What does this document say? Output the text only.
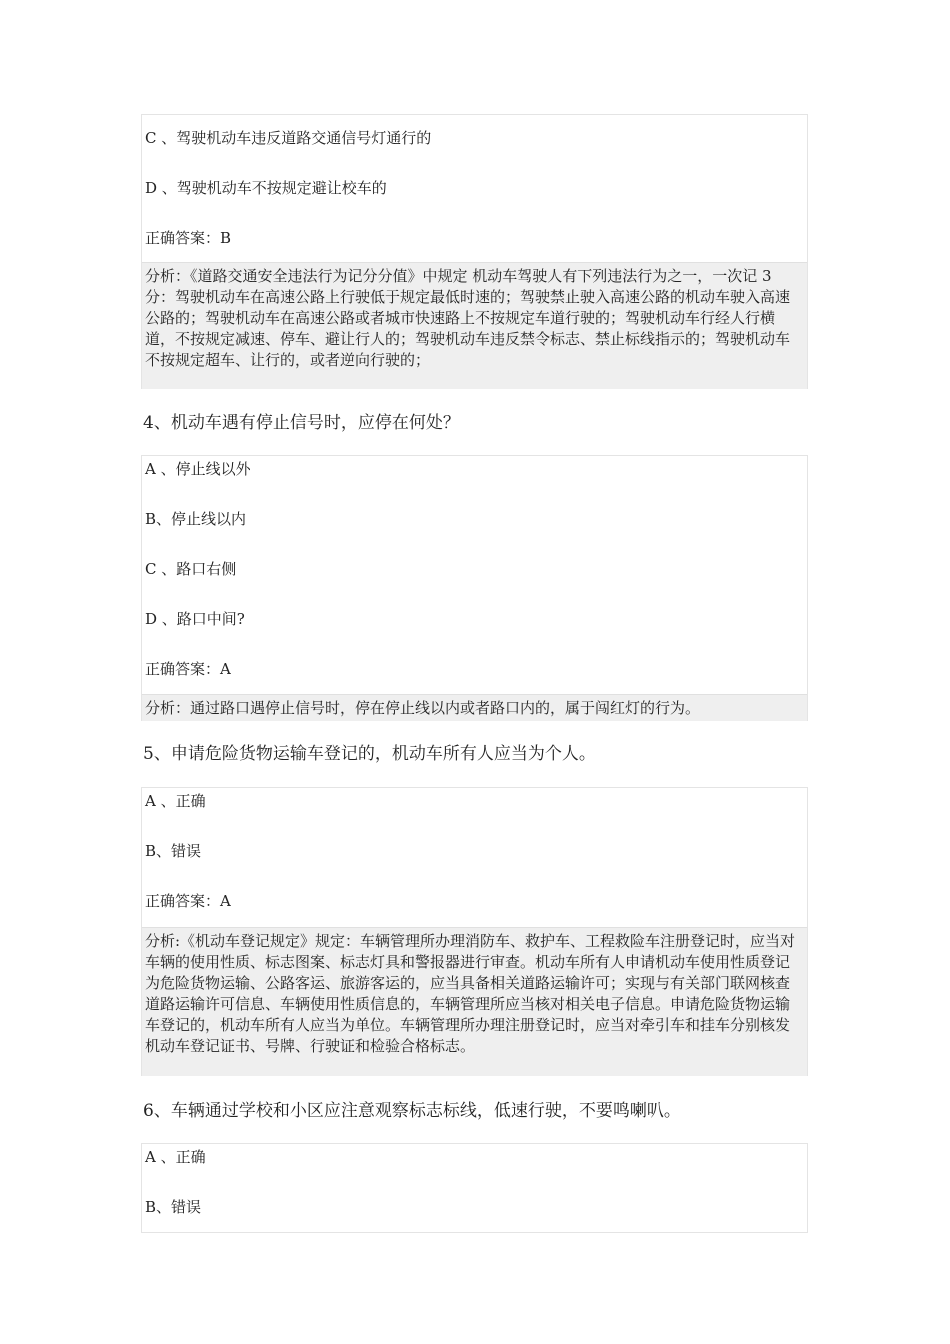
C 、驾驶机动车违反道路交通信号灯通行的
D 、驾驶机动车不按规定避让校车的
正确答案：B
分析：《道路交通安全违法行为记分分值》中规定 机动车驾驶人有下列违法行为之一，一次记 3 分：驾驶机动车在高速公路上行驶低于规定最低时速的；驾驶禁止驶入高速公路的机动车驶入高速公路的；驾驶机动车在高速公路或者城市快速路上不按规定车道行驶的；驾驶机动车行经人行横道，不按规定减速、停车、避让行人的；驾驶机动车违反禁令标志、禁止标线指示的；驾驶机动车不按规定超车、让行的，或者逆向行驶的；
4、机动车遇有停止信号时，应停在何处？
A 、停止线以外
B、停止线以内
C 、路口右侧
D 、路口中间?
正确答案：A
分析：通过路口遇停止信号时，停在停止线以内或者路口内的，属于闯红灯的行为。
5、申请危险货物运输车登记的，机动车所有人应当为个人。
A 、正确
B、错误
正确答案：A
分析:《机动车登记规定》规定：车辆管理所办理消防车、救护车、工程救险车注册登记时，应当对车辆的使用性质、标志图案、标志灯具和警报器进行审查。机动车所有人申请机动车使用性质登记为危险货物运输、公路客运、旅游客运的，应当具备相关道路运输许可；实现与有关部门联网核查道路运输许可信息、车辆使用性质信息的，车辆管理所应当核对相关电子信息。申请危险货物运输车登记的，机动车所有人应当为单位。车辆管理所办理注册登记时，应当对牵引车和挂车分别核发机动车登记证书、号牌、行驶证和检验合格标志。
6、车辆通过学校和小区应注意观察标志标线，低速行驶，不要鸣喇叭。
A 、正确
B、错误
